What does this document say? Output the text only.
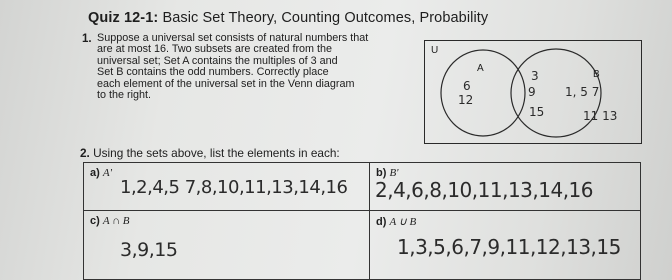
Quiz 12-1: Basic Set Theory, Counting Outcomes, Probability
1. Suppose a universal set consists of natural numbers that
are at most 16. Two subsets are created from the
universal set; Set A contains the multiples of 3 and
Set B contains the odd numbers. Correctly place
each element of the universal set in the Venn diagram
to the right.
U
A
B
6
12
3
9
15
1, 5 7
11 13
2. Using the sets above, list the elements in each:
a) A'
1,2,4,5 7,8,10,11,13,14,16
b) B'
2,4,6,8,10,11,13,14,16
c) A ∩ B
3,9,15
d) A ∪ B
1,3,5,6,7,9,11,12,13,15
